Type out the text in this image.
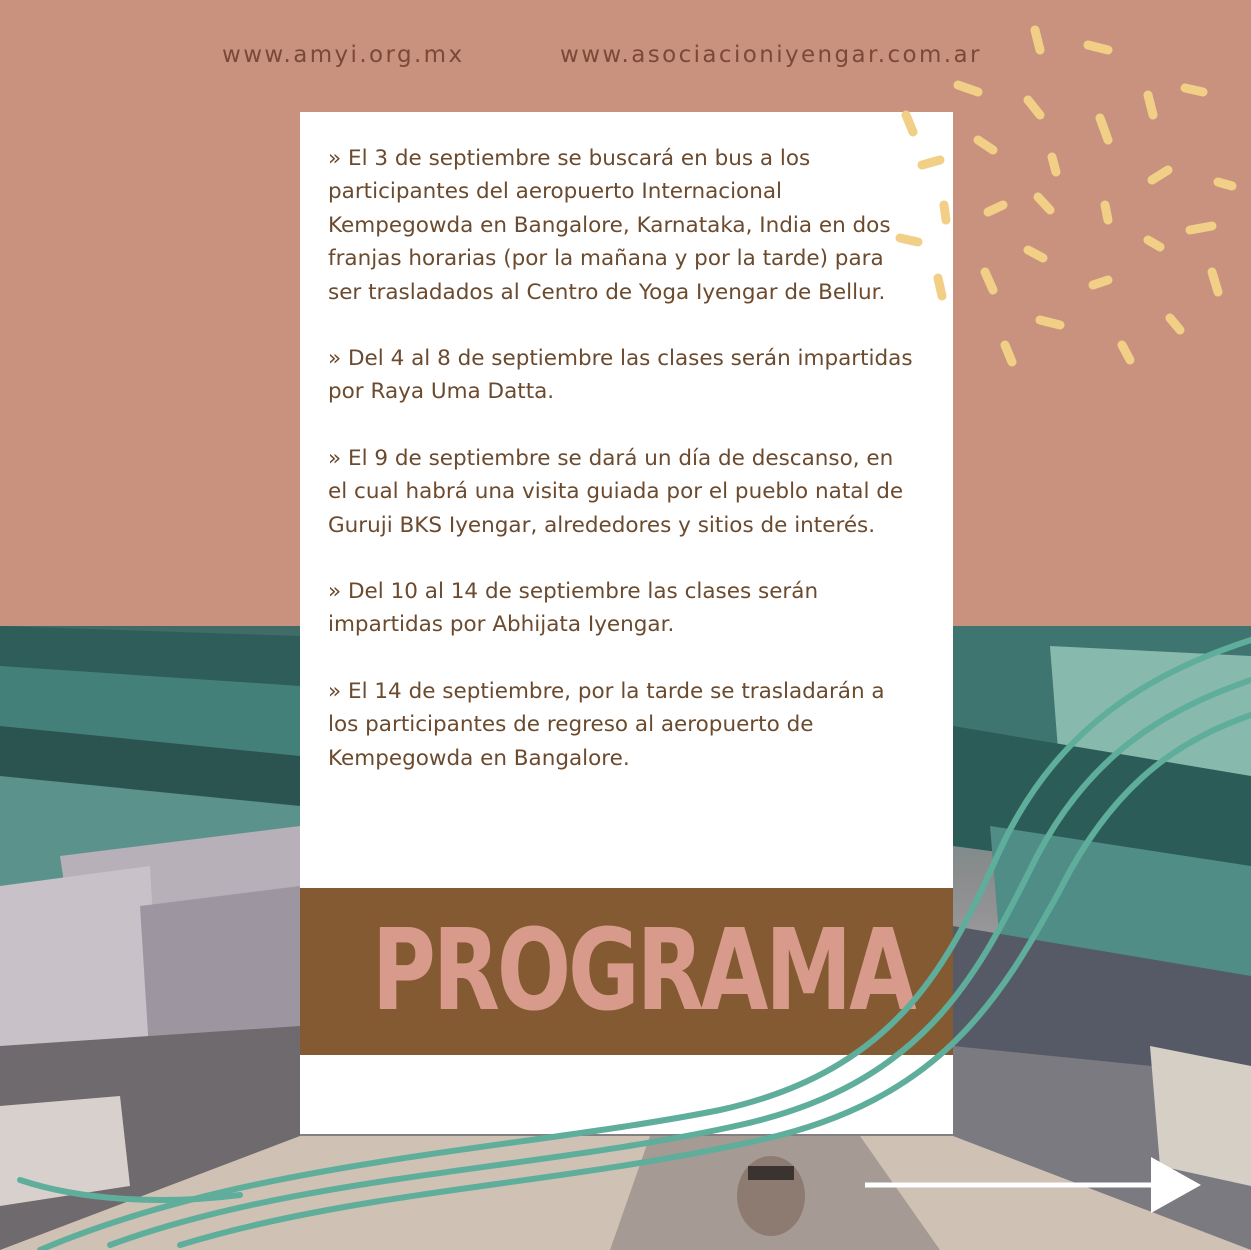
www.amyi.org.mx	www.asociacioniyengar.com.ar

» El 3 de septiembre se buscará en bus a los participantes del aeropuerto Internacional Kempegowda en Bangalore, Karnataka, India en dos franjas horarias (por la mañana y por la tarde) para ser trasladados al Centro de Yoga Iyengar de Bellur.

» Del 4 al 8 de septiembre las clases serán impartidas por Raya Uma Datta.

» El 9 de septiembre se dará un día de descanso, en el cual habrá una visita guiada por el pueblo natal de Guruji BKS Iyengar, alrededores y sitios de interés.

» Del 10 al 14 de septiembre las clases serán impartidas por Abhijata Iyengar.

» El 14 de septiembre, por la tarde se trasladarán a los participantes de regreso al aeropuerto de Kempegowda en Bangalore.

PROGRAMA
